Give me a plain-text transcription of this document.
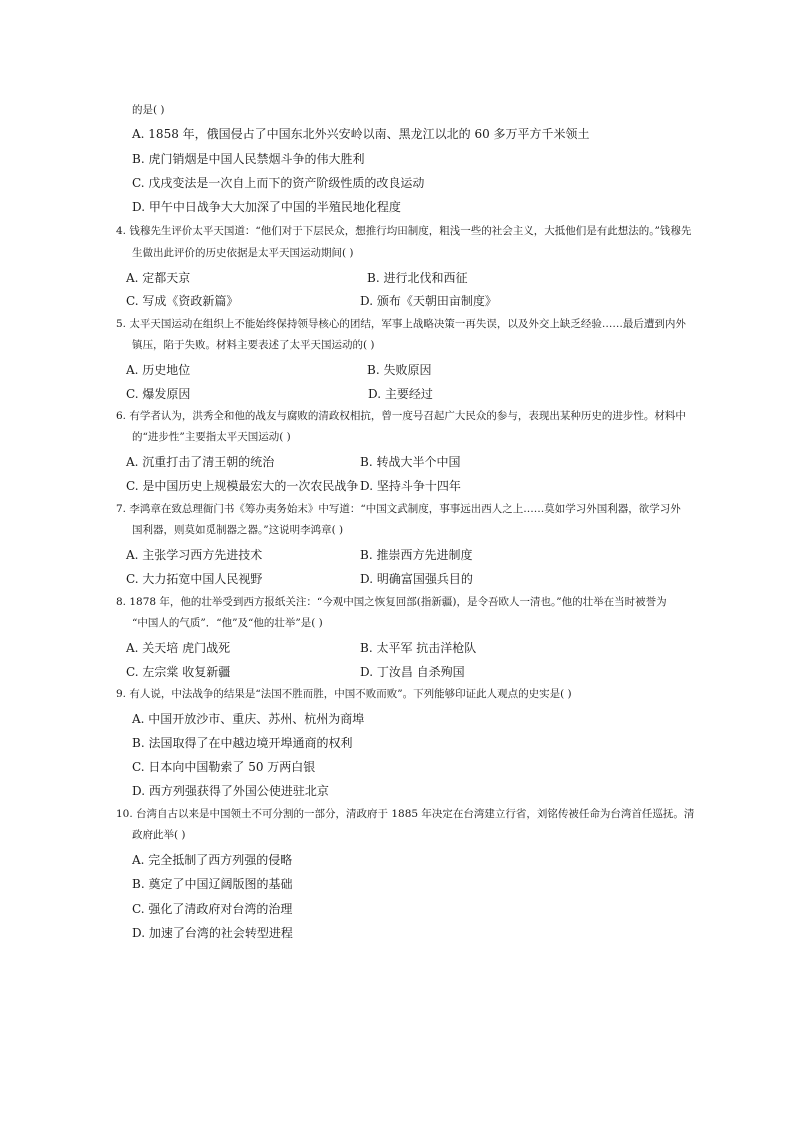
的是( )
A. 1858 年，俄国侵占了中国东北外兴安岭以南、黑龙江以北的 60 多万平方千米领土
B. 虎门销烟是中国人民禁烟斗争的伟大胜利
C. 戊戌变法是一次自上而下的资产阶级性质的改良运动
D. 甲午中日战争大大加深了中国的半殖民地化程度
4. 钱穆先生评价太平天国道：“他们对于下层民众，想推行均田制度，粗浅一些的社会主义，大抵他们是有此想法的。”钱穆先
生做出此评价的历史依据是太平天国运动期间( )
A. 定都天京	B. 进行北伐和西征
C. 写成《资政新篇》	D. 颁布《天朝田亩制度》
5. 太平天国运动在组织上不能始终保持领导核心的团结，军事上战略决策一再失误，以及外交上缺乏经验……最后遭到内外
镇压，陷于失败。材料主要表述了太平天国运动的( )
A. 历史地位	B. 失败原因
C. 爆发原因	D. 主要经过
6. 有学者认为，洪秀全和他的战友与腐败的清政权相抗，曾一度号召起广大民众的参与，表现出某种历史的进步性。材料中
的“进步性”主要指太平天国运动( )
A. 沉重打击了清王朝的统治	B. 转战大半个中国
C. 是中国历史上规模最宏大的一次农民战争 D. 坚持斗争十四年
7. 李鸿章在致总理衙门书《筹办夷务始末》中写道：“中国文武制度，事事远出西人之上……莫如学习外国利器，欲学习外
国利器，则莫如觅制器之器。”这说明李鸿章( )
A. 主张学习西方先进技术	B. 推崇西方先进制度
C. 大力拓宽中国人民视野	D. 明确富国强兵目的
8. 1878 年，他的壮举受到西方报纸关注：“今观中国之恢复回部(指新疆)，是令吾欧人一清也。”他的壮举在当时被誉为
“中国人的气质”．“他”及“他的壮举”是( )
A. 关天培 虎门战死	B. 太平军 抗击洋枪队
C. 左宗棠 收复新疆	D. 丁汝昌 自杀殉国
9. 有人说，中法战争的结果是“法国不胜而胜，中国不败而败”。下列能够印证此人观点的史实是( )
A. 中国开放沙市、重庆、苏州、杭州为商埠
B. 法国取得了在中越边境开埠通商的权利
C. 日本向中国勒索了 50 万两白银
D. 西方列强获得了外国公使进驻北京
10. 台湾自古以来是中国领土不可分割的一部分，清政府于 1885 年决定在台湾建立行省，刘铭传被任命为台湾首任巡抚。清
政府此举( )
A. 完全抵制了西方列强的侵略
B. 奠定了中国辽阔版图的基础
C. 强化了清政府对台湾的治理
D. 加速了台湾的社会转型进程
